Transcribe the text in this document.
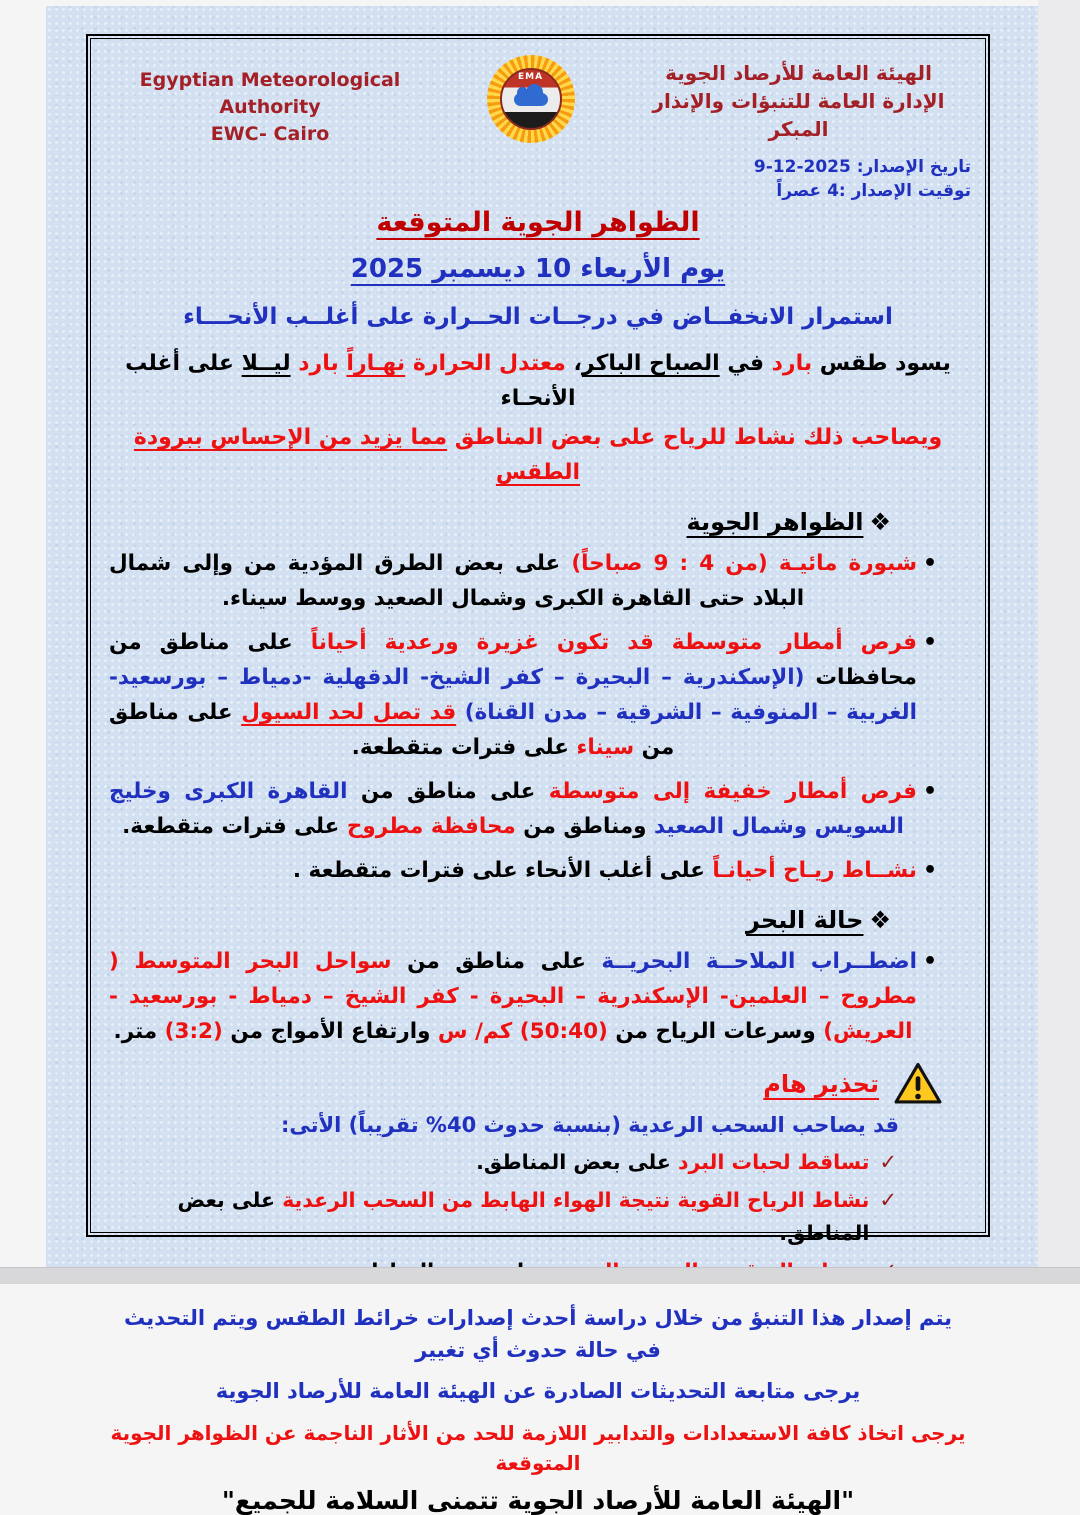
الهيئة العامة للأرصاد الجوية
الإدارة العامة للتنبؤات والإنذار المبكر
تاريخ الإصدار: 2025-12-9
توقيت الإصدار :4 عصراً
EMA
Egyptian Meteorological Authority
EWC- Cairo
الظواهر الجوية المتوقعة
يوم الأربعاء 10 ديسمبر 2025
استمرار الانخفــاض في درجــات الحــرارة على أغلــب الأنحـــاء
يسود طقس بارد في الصباح الباكر، معتدل الحرارة نهـاراً بارد ليــلا على أغلب الأنحـاء
ويصاحب ذلك نشاط للرياح على بعض المناطق مما يزيد من الإحساس ببرودة الطقس
❖الظواهر الجوية
•
شبورة مائيـة (من 4 : 9 صباحاً) على بعض الطرق المؤدية من وإلى شمال البلاد حتى القاهرة الكبرى وشمال الصعيد ووسط سيناء.
•
فرص أمطار متوسطة قد تكون غزيرة ورعدية أحياناً على مناطق من محافظات (الإسكندرية – البحيرة – كفر الشيخ- الدقهلية -دمياط – بورسعيد- الغربية – المنوفية – الشرقية – مدن القناة) قد تصل لحد السيول على مناطق من سيناء على فترات متقطعة.
•
فرص أمطار خفيفة إلى متوسطة على مناطق من القاهرة الكبرى وخليج السويس وشمال الصعيد ومناطق من محافظة مطروح على فترات متقطعة.
•
نشــاط ريـاح أحيانـاً على أغلب الأنحاء على فترات متقطعة .
❖حالة البحر
•
اضطــراب الملاحــة البحريــة على مناطق من سواحل البحر المتوسط ( مطروح – العلمين- الإسكندرية – البحيرة - كفر الشيخ – دمياط - بورسعيد - العريش) وسرعات الرياح من (50:40) كم/ س وارتفاع الأمواج من (3:2) متر.
تحذير هام
قد يصاحب السحب الرعدية (بنسبة حدوث 40% تقريباً) الأتى:
✓
تساقط لحبات البرد على بعض المناطق.
✓
نشاط الرياح القوية نتيجة الهواء الهابط من السحب الرعدية على بعض المناطق.
يتم إصدار هذا التنبؤ من خلال دراسة أحدث إصدارات خرائط الطقس ويتم التحديث في حالة حدوث أي تغيير
يرجى متابعة التحديثات الصادرة عن الهيئة العامة للأرصاد الجوية
يرجى اتخاذ كافة الاستعدادات والتدابير اللازمة للحد من الأثار الناجمة عن الظواهر الجوية المتوقعة
"الهيئة العامة للأرصاد الجوية تتمنى السلامة للجميع"
